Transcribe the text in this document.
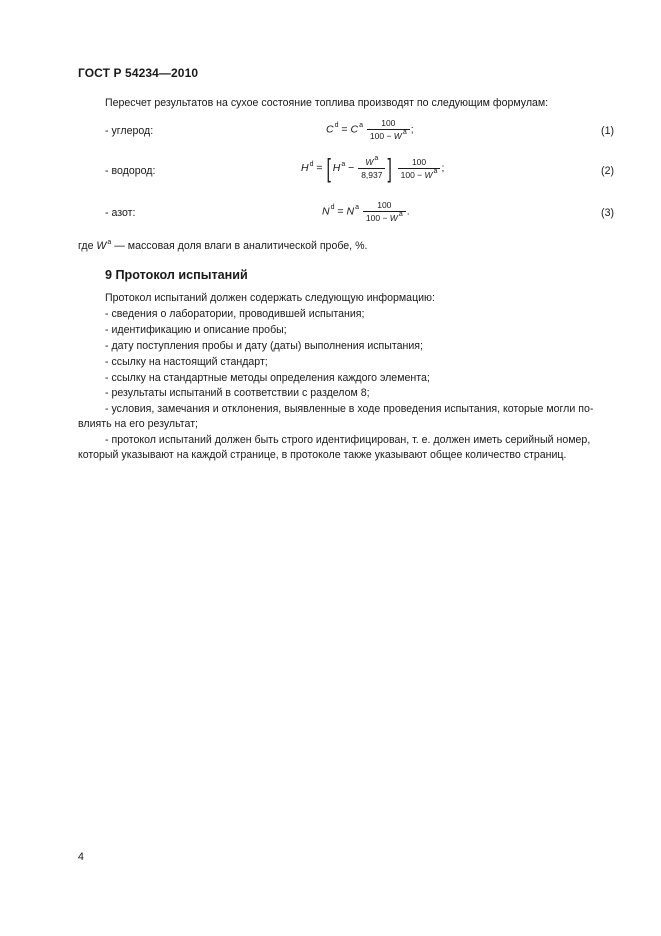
ГОСТ Р 54234—2010
Пересчет результатов на сухое состояние топлива производят по следующим формулам:
- углерод:	$C^d = C^a \frac{100}{100 - W^a}$ ;	(1)
- водород:	$H^d = [H^a - \frac{W^a}{8,937}$ ] $\frac{100}{100 - W^a}$ ;	(2)
- азот:	$N^d = N^a \frac{100}{100 - W^a}$ .	(3)
где $W^a$ — массовая доля влаги в аналитической пробе, %.
9 Протокол испытаний
Протокол испытаний должен содержать следующую информацию:
- сведения о лаборатории, проводившей испытания;
- идентификацию и описание пробы;
- дату поступления пробы и дату (даты) выполнения испытания;
- ссылку на настоящий стандарт;
- ссылку на стандартные методы определения каждого элемента;
- результаты испытаний в соответствии с разделом 8;
- условия, замечания и отклонения, выявленные в ходе проведения испытания, которые могли по-
влиять на его результат;
- протокол испытаний должен быть строго идентифицирован, т. е. должен иметь серийный номер,
который указывают на каждой странице, в протоколе также указывают общее количество страниц.
4
